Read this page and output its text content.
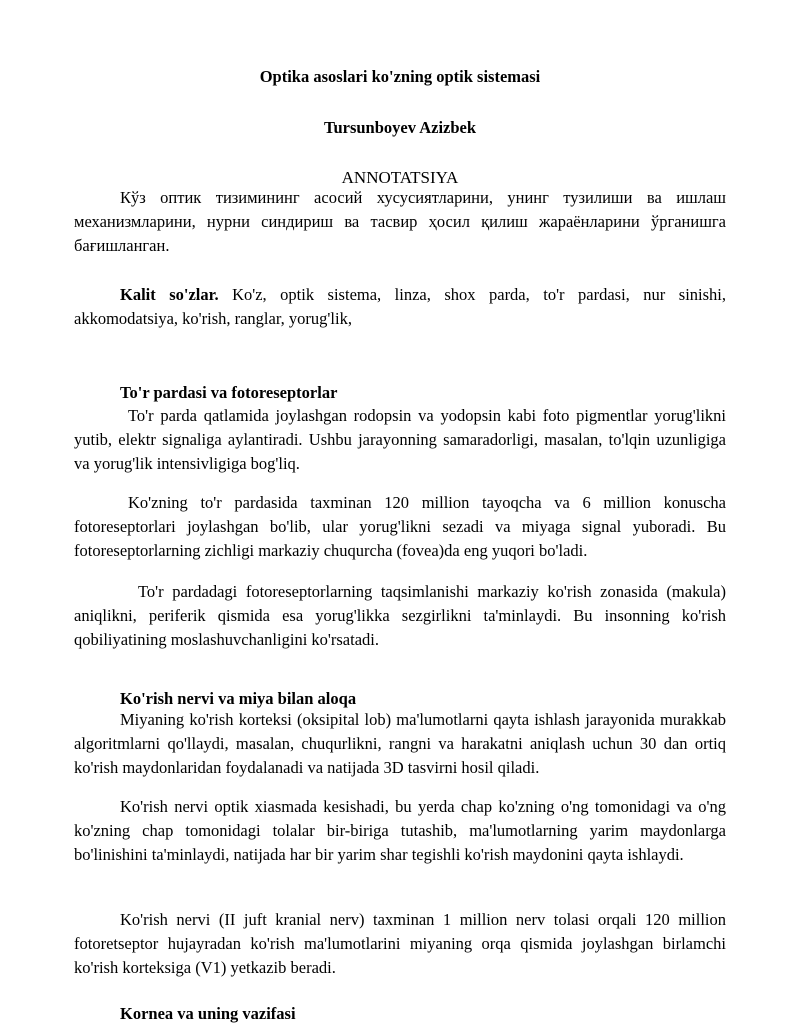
Optika asoslari ko'zning optik sistemasi
Tursunboyev Azizbek
ANNOTATSIYA

Кўз оптик тизимининг асосий хусусиятларини, унинг тузилиши ва ишлаш механизмларини, нурни синдириш ва тасвир ҳосил қилиш жараёнларини ўрганишга бағишланган.

Kalit so'zlar. Ko'z, optik sistema, linza, shox parda, to'r pardasi, nur sinishi, akkomodatsiya, ko'rish, ranglar, yorug'lik,

To'r pardasi va fotoreseptorlar

To'r parda qatlamida joylashgan rodopsin va yodopsin kabi foto pigmentlar yorug'likni yutib, elektr signaliga aylantiradi. Ushbu jarayonning samaradorligi, masalan, to'lqin uzunligiga va yorug'lik intensivligiga bog'liq.

Ko'zning to'r pardasida taxminan 120 million tayoqcha va 6 million konuscha fotoreseptorlari joylashgan bo'lib, ular yorug'likni sezadi va miyaga signal yuboradi. Bu fotoreseptorlarning zichligi markaziy chuqurcha (fovea)da eng yuqori bo'ladi.

To'r pardadagi fotoreseptorlarning taqsimlanishi markaziy ko'rish zonasida (makula) aniqlikni, periferik qismida esa yorug'likka sezgirlikni ta'minlaydi. Bu insonning ko'rish qobiliyatining moslashuvchanligini ko'rsatadi.

Ko'rish nervi va miya bilan aloqa

Miyaning ko'rish korteksi (oksipital lob) ma'lumotlarni qayta ishlash jarayonida murakkab algoritmlarni qo'llaydi, masalan, chuqurlikni, rangni va harakatni aniqlash uchun 30 dan ortiq ko'rish maydonlaridan foydalanadi va natijada 3D tasvirni hosil qiladi.

Ko'rish nervi optik xiasmada kesishadi, bu yerda chap ko'zning o'ng tomonidagi va o'ng ko'zning chap tomonidagi tolalar bir-biriga tutashib, ma'lumotlarning yarim maydonlarga bo'linishini ta'minlaydi, natijada har bir yarim shar tegishli ko'rish maydonini qayta ishlaydi.

Ko'rish nervi (II juft kranial nerv) taxminan 1 million nerv tolasi orqali 120 million fotoretseptor hujayradan ko'rish ma'lumotlarini miyaning orqa qismida joylashgan birlamchi ko'rish korteksiga (V1) yetkazib beradi.

Kornea va uning vazifasi
